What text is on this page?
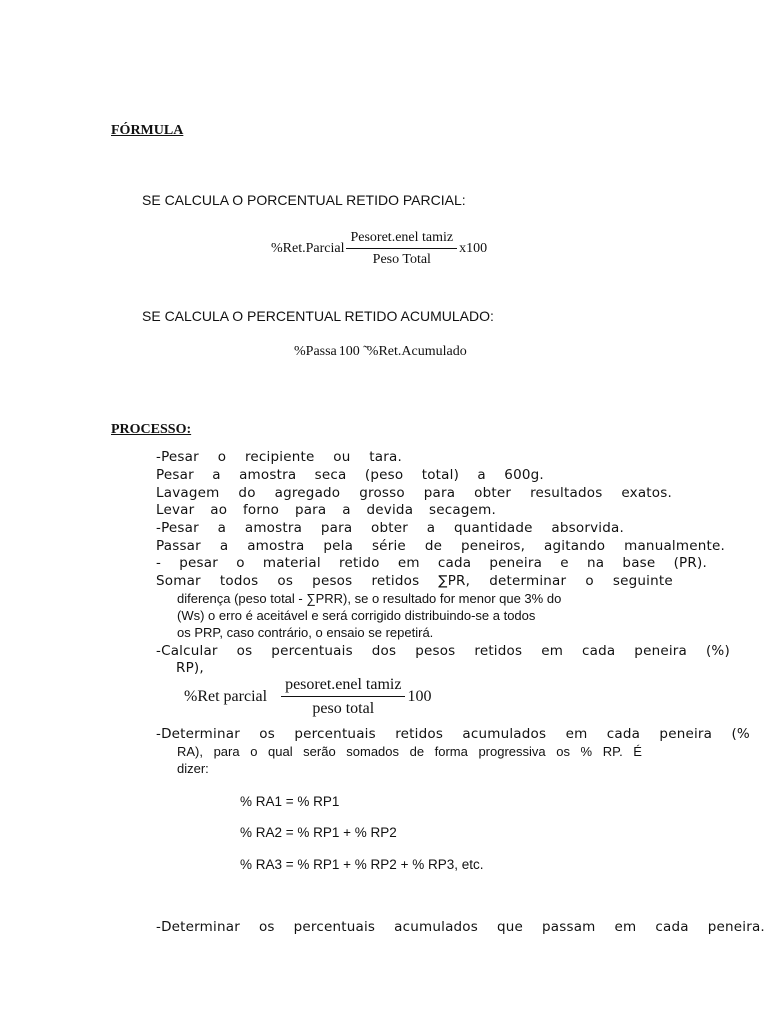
FÓRMULA
SE CALCULA O PORCENTUAL RETIDO PARCIAL:
%Ret.Parcial $\frac{\text{Pesoret.enel tamiz}}{\text{Peso Total}} x100$
SE CALCULA O PERCENTUAL RETIDO ACUMULADO:
%Passa 100 ̃ %Ret.Acumulado
PROCESSO:
-Pesar o recipiente ou tara.
Pesar a amostra seca (peso total) a 600g.
Lavagem do agregado grosso para obter resultados exatos.
Levar ao forno para a devida secagem.
-Pesar a amostra para obter a quantidade absorvida.
Passar a amostra pela série de peneiros, agitando manualmente.
- pesar o material retido em cada peneira e na base (PR).
Somar todos os pesos retidos ∑PR, determinar o seguinte
diferença (peso total - ∑PRR), se o resultado for menor que 3% do
(Ws) o erro é aceitável e será corrigido distribuindo-se a todos
os PRP, caso contrário, o ensaio se repetirá.
-Calcular os percentuais dos pesos retidos em cada peneira (%)
RP),
%Ret parcial $\frac{\text{pesoret.enel tamiz}}{\text{peso total}} 100$
-Determinar os percentuais retidos acumulados em cada peneira (%
RA), para o qual serão somados de forma progressiva os % RP. É
dizer:
% RA1 = % RP1
% RA2 = % RP1 + % RP2
% RA3 = % RP1 + % RP2 + % RP3, etc.
-Determinar os percentuais acumulados que passam em cada peneira.
